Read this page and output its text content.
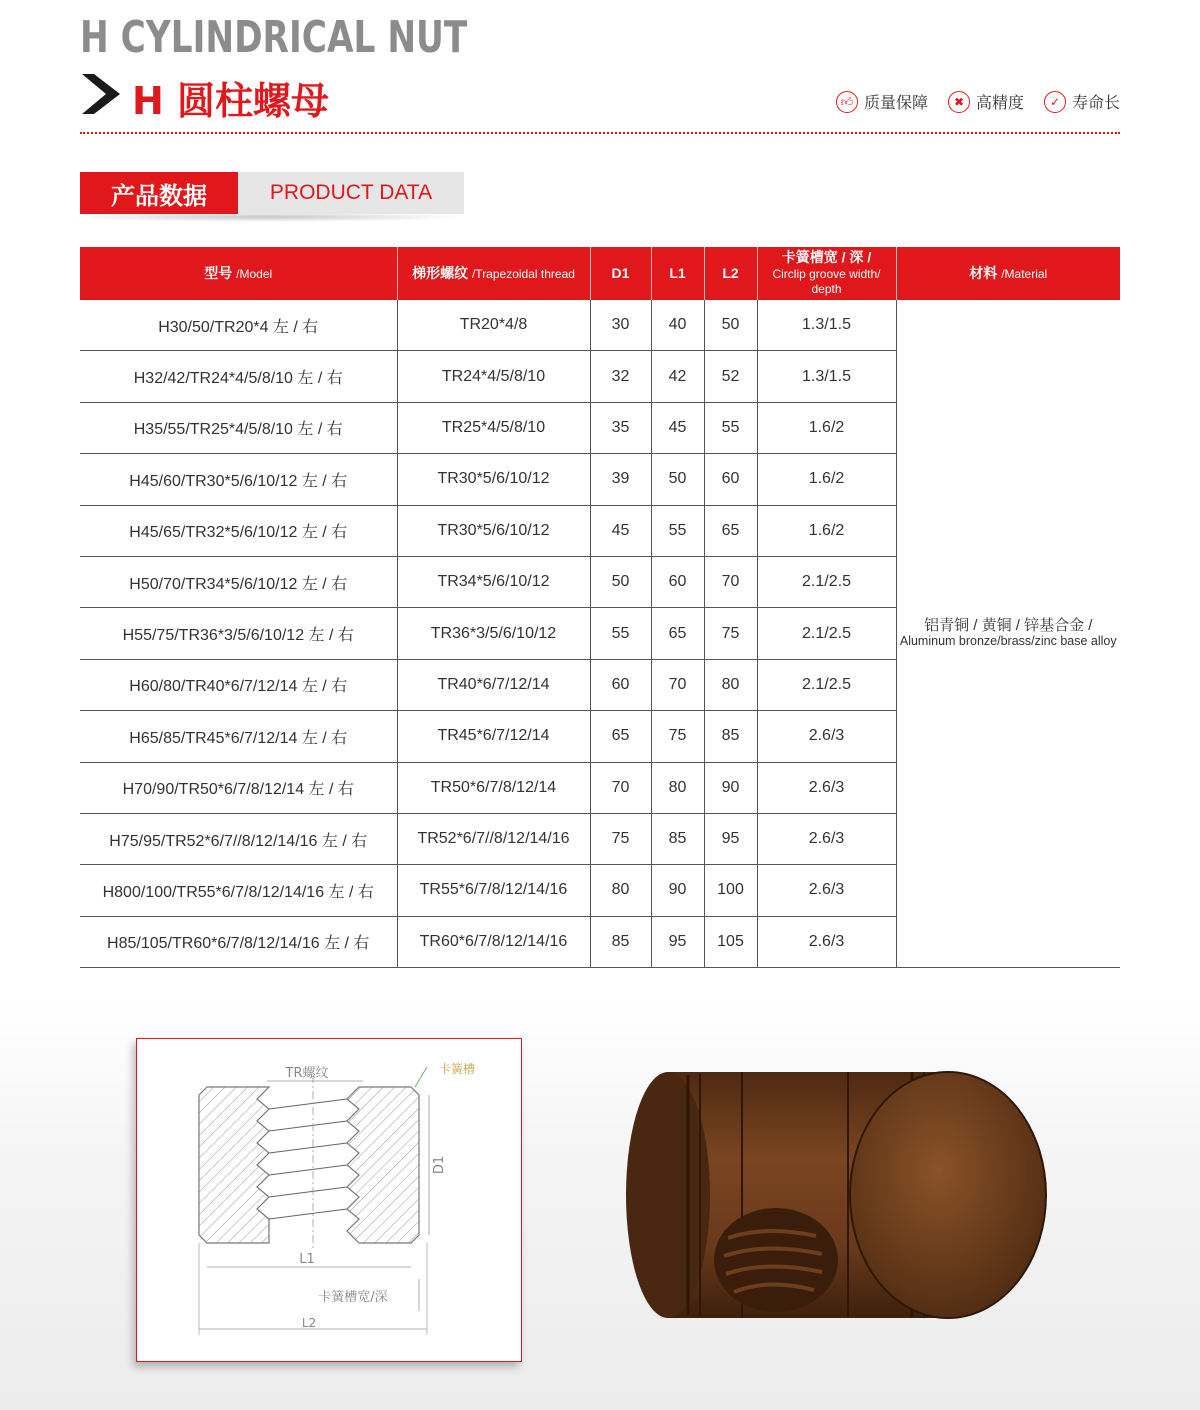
H CYLINDRICAL NUT
H 圆柱螺母	👍︎ 质量保障	✖ 高精度	✓ 寿命长
产品数据	PRODUCT DATA
型号 /Model	梯形螺纹 /Trapezoidal thread	D1	L1	L2	卡簧槽宽 / 深 /
Circlip groove width/ depth	材料 /Material
H30/50/TR20*4 左 / 右	TR20*4/8	30	40	50	1.3/1.5	铝青铜 / 黄铜 / 锌基合金 /
Aluminum bronze/brass/zinc base alloy

H32/42/TR24*4/5/8/10 左 / 右	TR24*4/5/8/10	32	42	52	1.3/1.5	
H35/55/TR25*4/5/8/10 左 / 右	TR25*4/5/8/10	35	45	55	1.6/2	
H45/60/TR30*5/6/10/12 左 / 右	TR30*5/6/10/12	39	50	60	1.6/2	
H45/65/TR32*5/6/10/12 左 / 右	TR30*5/6/10/12	45	55	65	1.6/2	
H50/70/TR34*5/6/10/12 左 / 右	TR34*5/6/10/12	50	60	70	2.1/2.5	
H55/75/TR36*3/5/6/10/12 左 / 右	TR36*3/5/6/10/12	55	65	75	2.1/2.5	
H60/80/TR40*6/7/12/14 左 / 右	TR40*6/7/12/14	60	70	80	2.1/2.5	
H65/85/TR45*6/7/12/14 左 / 右	TR45*6/7/12/14	65	75	85	2.6/3	
H70/90/TR50*6/7/8/12/14 左 / 右	TR50*6/7/8/12/14	70	80	90	2.6/3	
H75/95/TR52*6/7//8/12/14/16 左 / 右	TR52*6/7//8/12/14/16	75	85	95	2.6/3	
H800/100/TR55*6/7/8/12/14/16 左 / 右	TR55*6/7/8/12/14/16	80	90	100	2.6/3	
H85/105/TR60*6/7/8/12/14/16 左 / 右	TR60*6/7/8/12/14/16	85	95	105	2.6/3	
TR螺纹	卡簧槽
D1
L1
卡簧槽宽/深
L2
